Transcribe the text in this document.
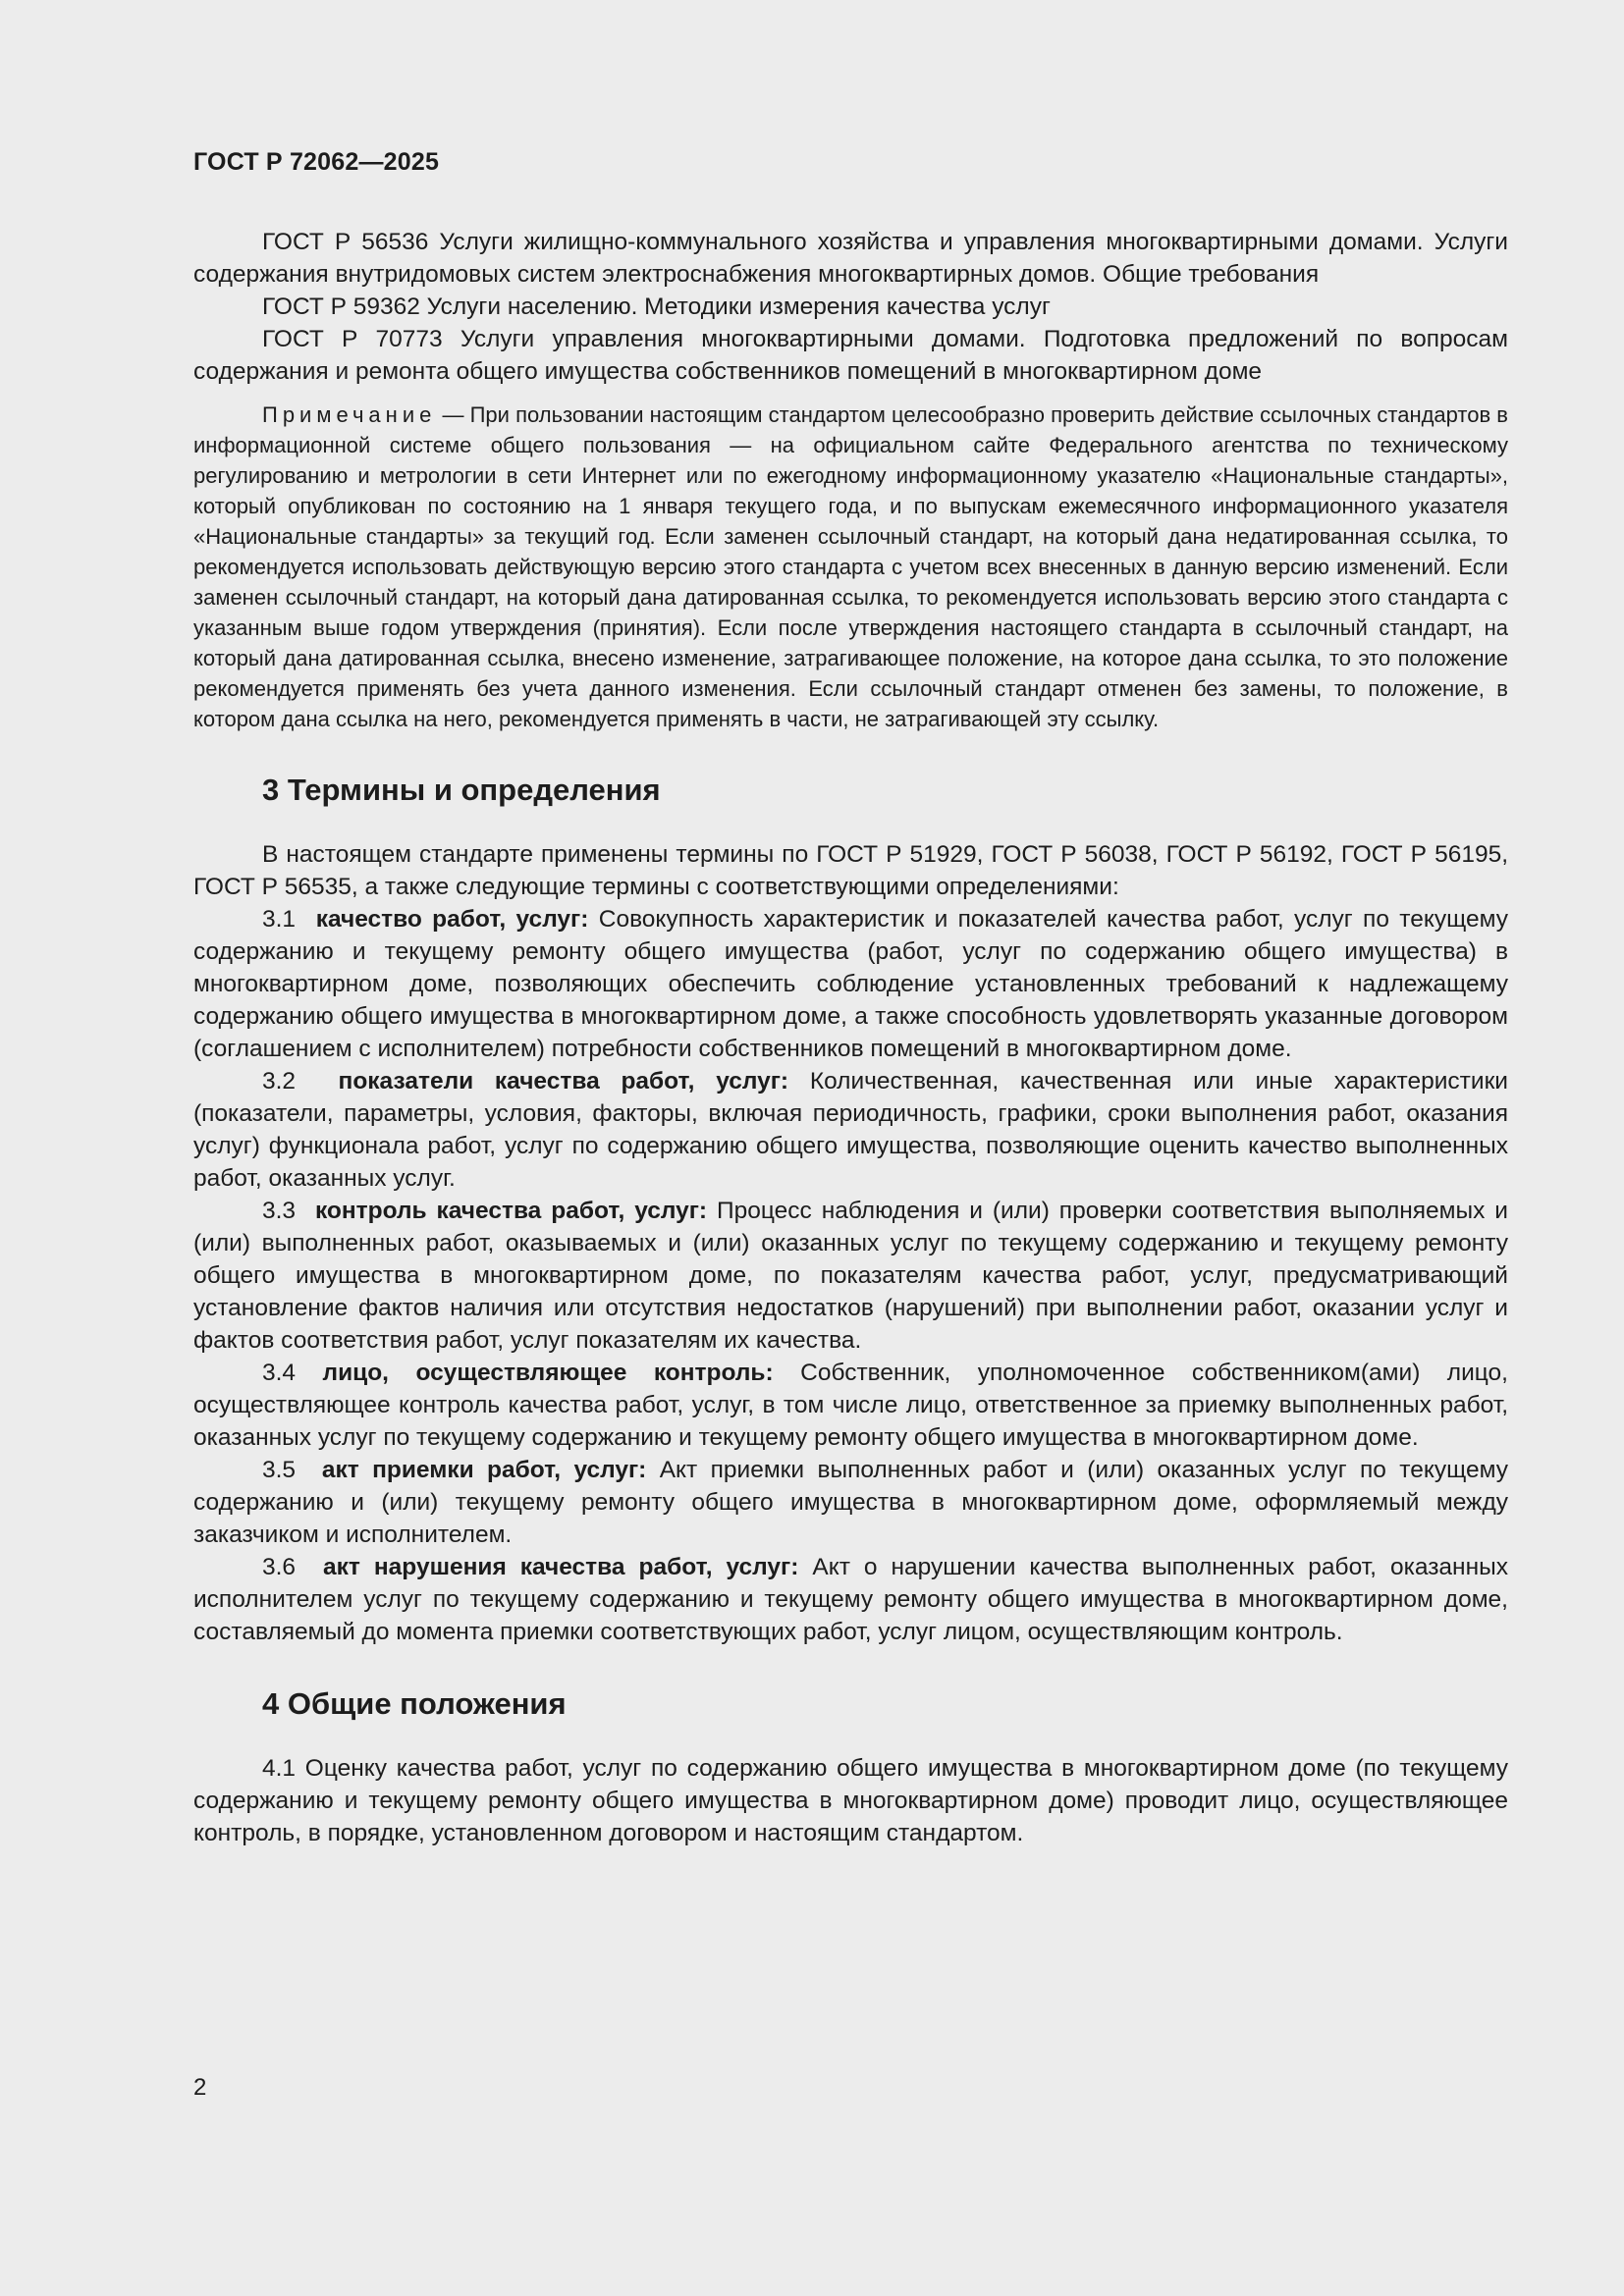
ГОСТ Р 72062—2025

ГОСТ Р 56536 Услуги жилищно-коммунального хозяйства и управления многоквартирными домами. Услуги содержания внутридомовых систем электроснабжения многоквартирных домов. Общие требования

ГОСТ Р 59362 Услуги населению. Методики измерения качества услуг

ГОСТ Р 70773 Услуги управления многоквартирными домами. Подготовка предложений по вопросам содержания и ремонта общего имущества собственников помещений в многоквартирном доме

Примечание — При пользовании настоящим стандартом целесообразно проверить действие ссылочных стандартов в информационной системе общего пользования — на официальном сайте Федерального агентства по техническому регулированию и метрологии в сети Интернет или по ежегодному информационному указателю «Национальные стандарты», который опубликован по состоянию на 1 января текущего года, и по выпускам ежемесячного информационного указателя «Национальные стандарты» за текущий год. Если заменен ссылочный стандарт, на который дана недатированная ссылка, то рекомендуется использовать действующую версию этого стандарта с учетом всех внесенных в данную версию изменений. Если заменен ссылочный стандарт, на который дана датированная ссылка, то рекомендуется использовать версию этого стандарта с указанным выше годом утверждения (принятия). Если после утверждения настоящего стандарта в ссылочный стандарт, на который дана датированная ссылка, внесено изменение, затрагивающее положение, на которое дана ссылка, то это положение рекомендуется применять без учета данного изменения. Если ссылочный стандарт отменен без замены, то положение, в котором дана ссылка на него, рекомендуется применять в части, не затрагивающей эту ссылку.

3 Термины и определения

В настоящем стандарте применены термины по ГОСТ Р 51929, ГОСТ Р 56038, ГОСТ Р 56192, ГОСТ Р 56195, ГОСТ Р 56535, а также следующие термины с соответствующими определениями:

3.1 качество работ, услуг: Совокупность характеристик и показателей качества работ, услуг по текущему содержанию и текущему ремонту общего имущества (работ, услуг по содержанию общего имущества) в многоквартирном доме, позволяющих обеспечить соблюдение установленных требований к надлежащему содержанию общего имущества в многоквартирном доме, а также способность удовлетворять указанные договором (соглашением с исполнителем) потребности собственников помещений в многоквартирном доме.

3.2 показатели качества работ, услуг: Количественная, качественная или иные характеристики (показатели, параметры, условия, факторы, включая периодичность, графики, сроки выполнения работ, оказания услуг) функционала работ, услуг по содержанию общего имущества, позволяющие оценить качество выполненных работ, оказанных услуг.

3.3 контроль качества работ, услуг: Процесс наблюдения и (или) проверки соответствия выполняемых и (или) выполненных работ, оказываемых и (или) оказанных услуг по текущему содержанию и текущему ремонту общего имущества в многоквартирном доме, по показателям качества работ, услуг, предусматривающий установление фактов наличия или отсутствия недостатков (нарушений) при выполнении работ, оказании услуг и фактов соответствия работ, услуг показателям их качества.

3.4 лицо, осуществляющее контроль: Собственник, уполномоченное собственником(ами) лицо, осуществляющее контроль качества работ, услуг, в том числе лицо, ответственное за приемку выполненных работ, оказанных услуг по текущему содержанию и текущему ремонту общего имущества в многоквартирном доме.

3.5 акт приемки работ, услуг: Акт приемки выполненных работ и (или) оказанных услуг по текущему содержанию и (или) текущему ремонту общего имущества в многоквартирном доме, оформляемый между заказчиком и исполнителем.

3.6 акт нарушения качества работ, услуг: Акт о нарушении качества выполненных работ, оказанных исполнителем услуг по текущему содержанию и текущему ремонту общего имущества в многоквартирном доме, составляемый до момента приемки соответствующих работ, услуг лицом, осуществляющим контроль.

4 Общие положения

4.1 Оценку качества работ, услуг по содержанию общего имущества в многоквартирном доме (по текущему содержанию и текущему ремонту общего имущества в многоквартирном доме) проводит лицо, осуществляющее контроль, в порядке, установленном договором и настоящим стандартом.

2
